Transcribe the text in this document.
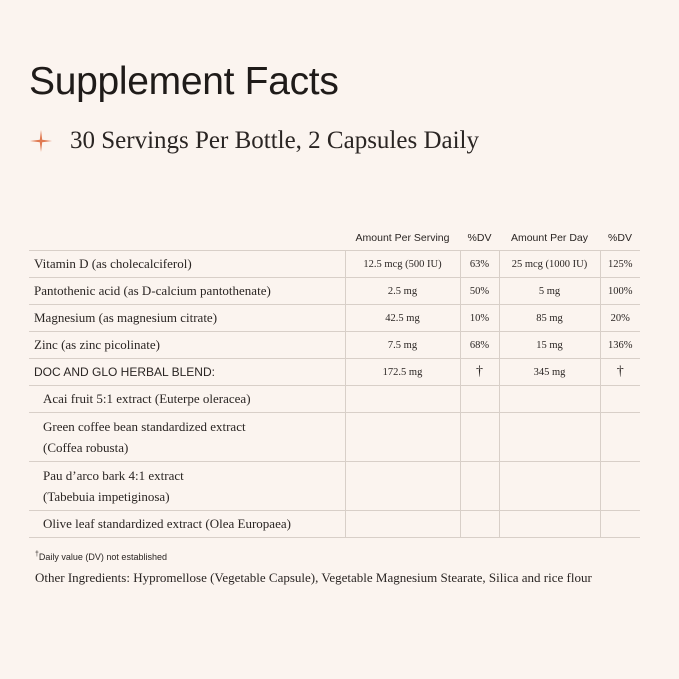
Supplement Facts
30 Servings Per Bottle, 2 Capsules Daily
	Amount Per Serving	%DV	Amount Per Day	%DV
Vitamin D (as cholecalciferol)	12.5 mcg (500 IU)	63%	25 mcg (1000 IU)	125%
Pantothenic acid (as D-calcium pantothenate)	2.5 mg	50%	5 mg	100%
Magnesium (as magnesium citrate)	42.5 mg	10%	85 mg	20%
Zinc (as zinc picolinate)	7.5 mg	68%	15 mg	136%
DOC AND GLO HERBAL BLEND:	172.5 mg	†	345 mg	†
Acai fruit 5:1 extract (Euterpe oleracea)				
Green coffee bean standardized extract
(Coffea robusta)				
Pau d’arco bark 4:1 extract
(Tabebuia impetiginosa)				
Olive leaf standardized extract (Olea Europaea)				
†Daily value (DV) not established
Other Ingredients: Hypromellose (Vegetable Capsule), Vegetable Magnesium Stearate, Silica and rice flour
